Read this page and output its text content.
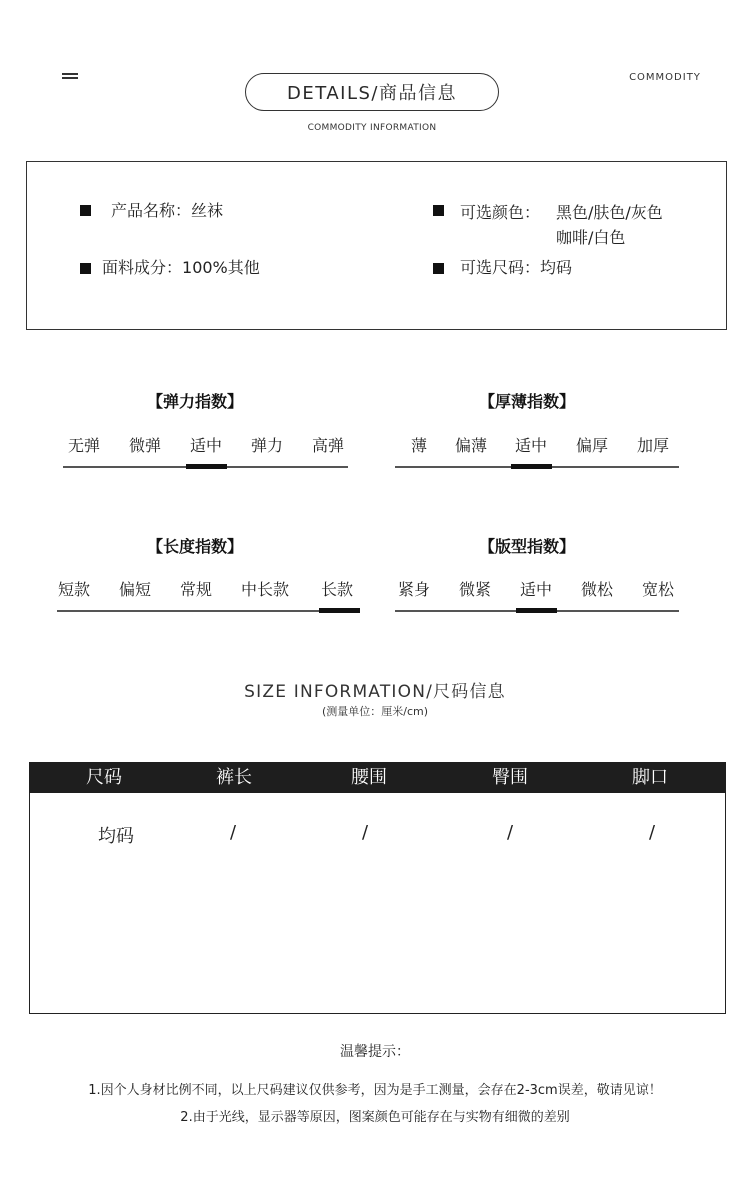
DETAILS/商品信息
COMMODITY INFORMATION
COMMODITY
产品名称：丝袜
面料成分：100%其他
可选颜色： 黑色/肤色/灰色
咖啡/白色
可选尺码：均码
【弹力指数】
无弹	微弹	适中	弹力	高弹
【厚薄指数】
薄	偏薄	适中	偏厚	加厚
【长度指数】
短款	偏短	常规	中长款	长款
【版型指数】
紧身	微紧	适中	微松	宽松
SIZE INFORMATION/尺码信息
(测量单位：厘米/cm)
尺码	裤长	腰围	臀围	脚口
均码	/	/	/	/
温馨提示：
1.因个人身材比例不同，以上尺码建议仅供参考，因为是手工测量，会存在2-3cm误差，敬请见谅！
2.由于光线，显示器等原因，图案颜色可能存在与实物有细微的差别
